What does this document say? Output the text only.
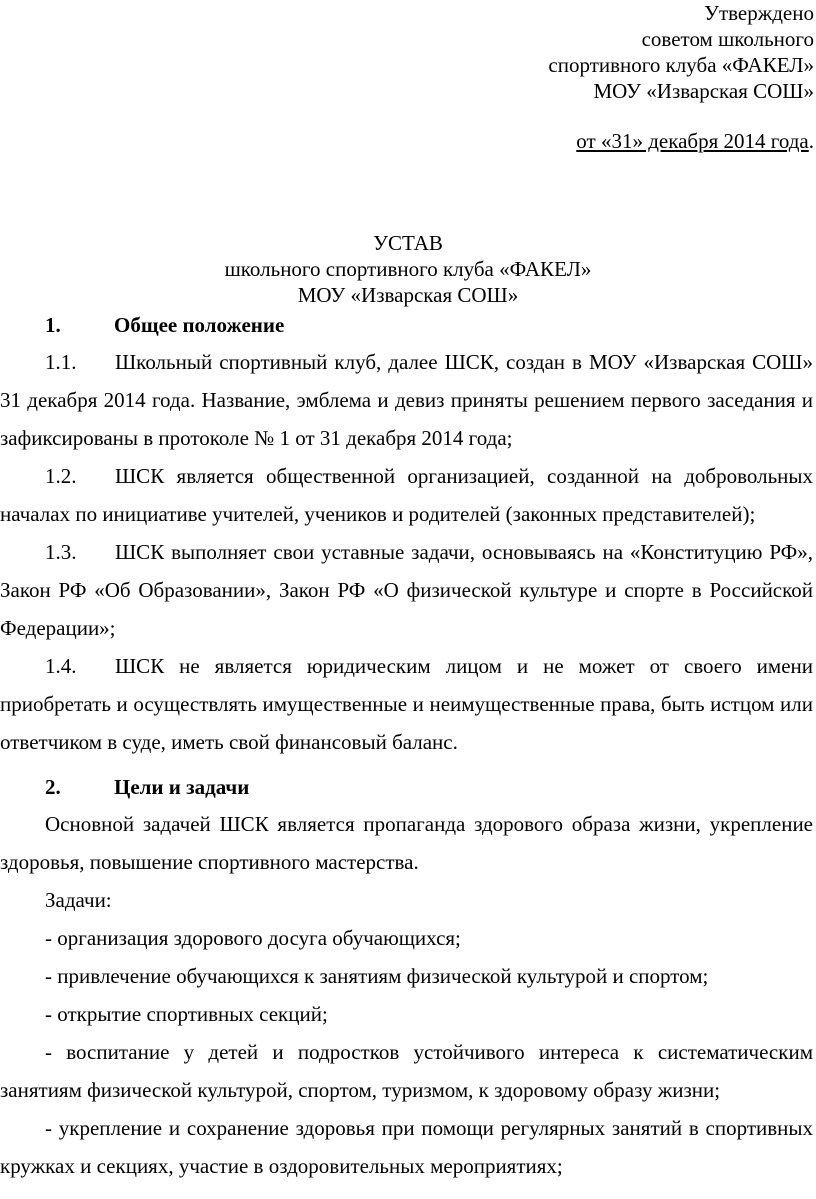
Утверждено
советом школьного
спортивного клуба «ФАКЕЛ»
МОУ «Изварская СОШ»
от «31» декабря 2014 года.
УСТАВ
школьного спортивного клуба «ФАКЕЛ»
МОУ «Изварская СОШ»
1.	Общее положение
1.1. Школьный спортивный клуб, далее ШСК, создан в МОУ «Изварская СОШ» 31 декабря 2014 года. Название, эмблема и девиз приняты решением первого заседания и зафиксированы в протоколе № 1 от 31 декабря 2014 года;
1.2. ШСК является общественной организацией, созданной на добровольных началах по инициативе учителей, учеников и родителей (законных представителей);
1.3. ШСК выполняет свои уставные задачи, основываясь на «Конституцию РФ», Закон РФ «Об Образовании», Закон РФ «О физической культуре и спорте в Российской Федерации»;
1.4. ШСК не является юридическим лицом и не может от своего имени приобретать и осуществлять имущественные и неимущественные права, быть истцом или ответчиком в суде, иметь свой финансовый баланс.
2.	Цели и задачи
Основной задачей ШСК является пропаганда здорового образа жизни, укрепление здоровья, повышение спортивного мастерства.
Задачи:
- организация здорового досуга обучающихся;
- привлечение обучающихся к занятиям физической культурой и спортом;
- открытие спортивных секций;
- воспитание у детей и подростков устойчивого интереса к систематическим занятиям физической культурой, спортом, туризмом, к здоровому образу жизни;
- укрепление и сохранение здоровья при помощи регулярных занятий в спортивных кружках и секциях, участие в оздоровительных мероприятиях;
